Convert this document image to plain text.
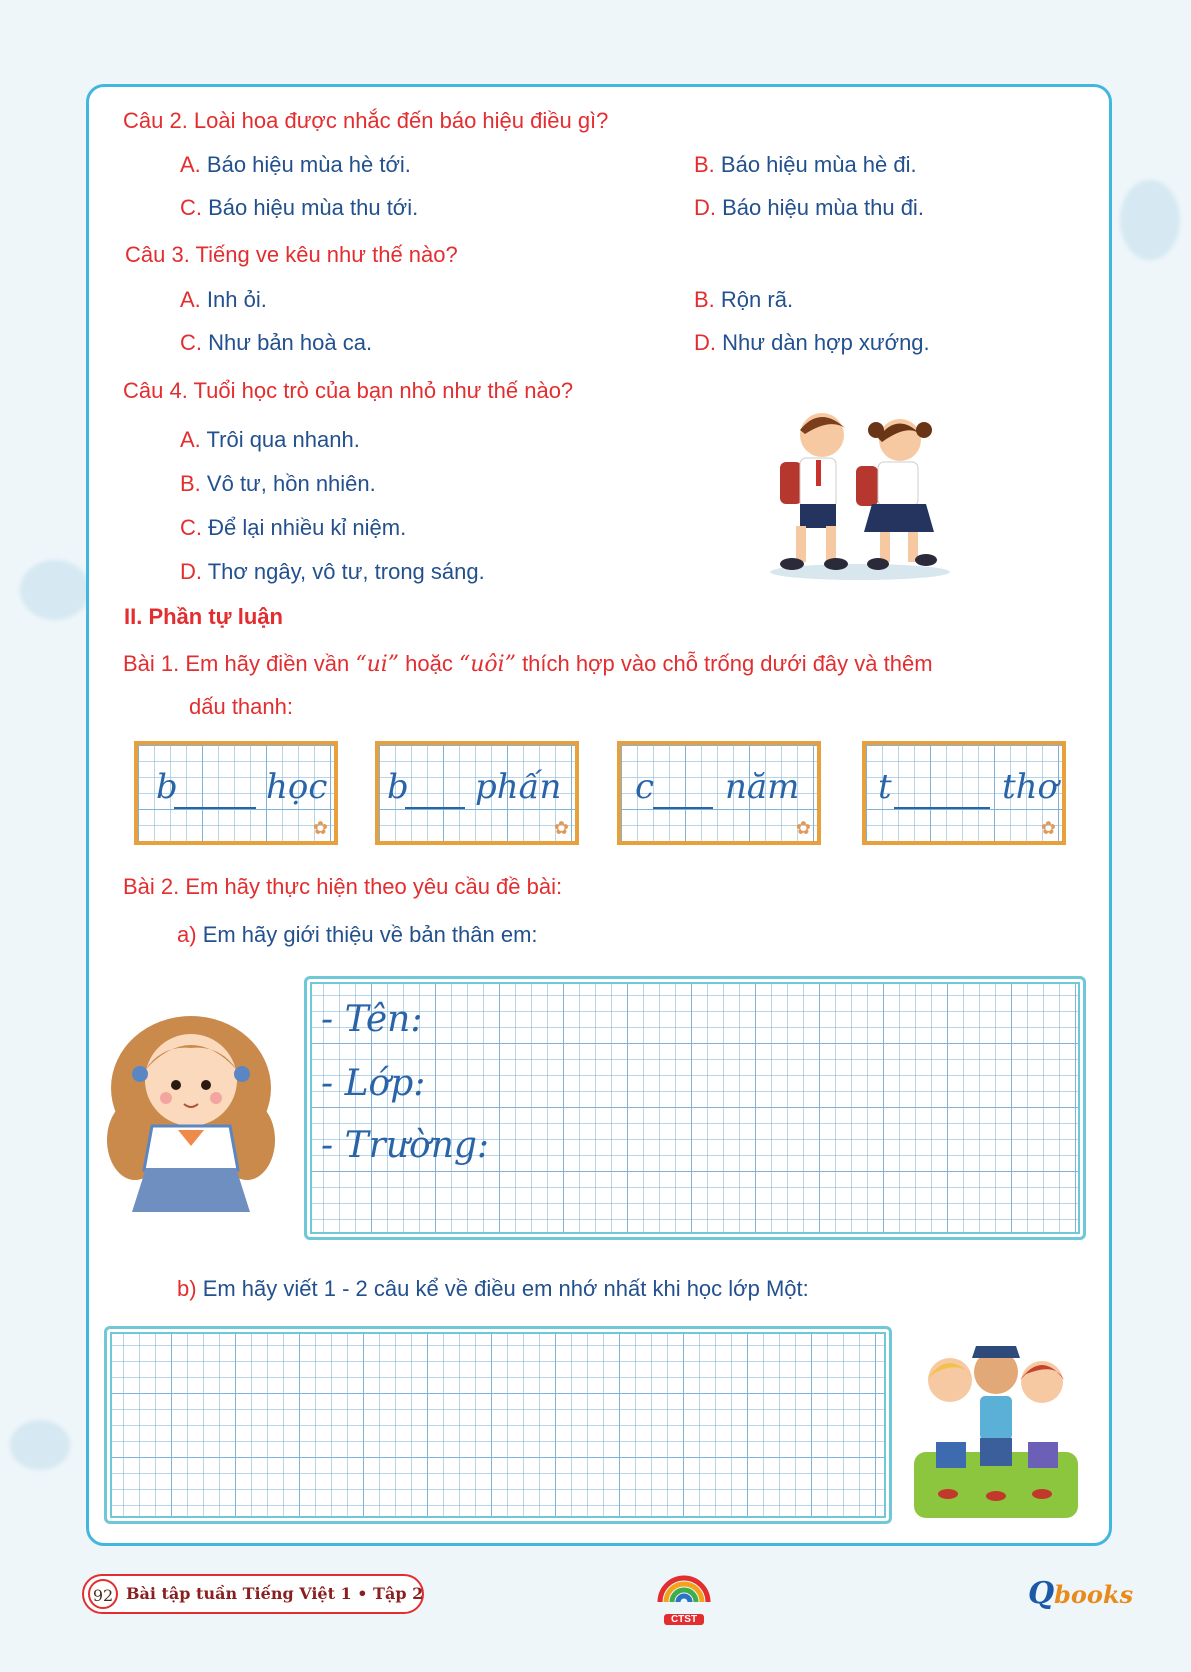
Câu 2. Loài hoa được nhắc đến báo hiệu điều gì?
A. Báo hiệu mùa hè tới.	B. Báo hiệu mùa hè đi.
C. Báo hiệu mùa thu tới.	D. Báo hiệu mùa thu đi.
Câu 3. Tiếng ve kêu như thế nào?
A. Inh ỏi.	B. Rộn rã.
C. Như bản hoà ca.	D. Như dàn hợp xướng.
Câu 4. Tuổi học trò của bạn nhỏ như thế nào?
A. Trôi qua nhanh.
B. Vô tư, hồn nhiên.
C. Để lại nhiều kỉ niệm.
D. Thơ ngây, vô tư, trong sáng.
II. Phần tự luận
Bài 1. Em hãy điền vần “ui” hoặc “uôi” thích hợp vào chỗ trống dưới đây và thêm
dấu thanh:
b	học
✿
b phấn
✿
c năm
✿
t	thơ
✿
Bài 2. Em hãy thực hiện theo yêu cầu đề bài:
a) Em hãy giới thiệu về bản thân em:
- Tên:
- Lớp:
- Trường:
b) Em hãy viết 1 - 2 câu kể về điều em nhớ nhất khi học lớp Một:
92 Bài tập tuần Tiếng Việt 1 • Tập 2
CTST
Qbooks
